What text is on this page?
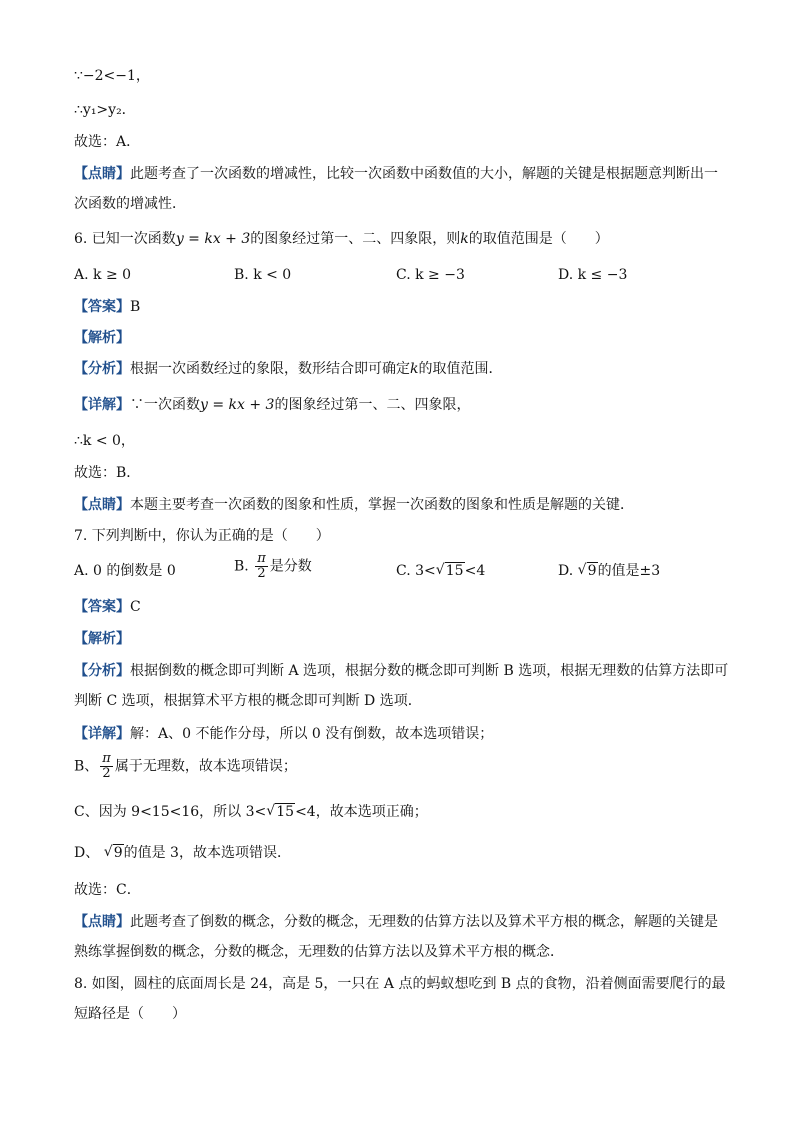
∵−2<−1，
∴y₁>y₂．
故选：A．
【点睛】此题考查了一次函数的增减性，比较一次函数中函数值的大小，解题的关键是根据题意判断出一
次函数的增减性．
6. 已知一次函数y = kx + 3的图象经过第一、二、四象限，则k的取值范围是（　　）
A. k ≥ 0	B. k < 0	C. k ≥ −3	D. k ≤ −3
【答案】B
【解析】
【分析】根据一次函数经过的象限，数形结合即可确定k的取值范围．
【详解】∵一次函数y = kx + 3的图象经过第一、二、四象限，
∴k < 0，
故选：B．
【点睛】本题主要考查一次函数的图象和性质，掌握一次函数的图象和性质是解题的关键．
7. 下列判断中，你认为正确的是（　　）
A. 0 的倒数是 0	B. $\frac{\pi}{2}$ 是分数	C. 3< √ 15<4	D. √ 9的值是±3
【答案】C
【解析】
【分析】根据倒数的概念即可判断 A 选项，根据分数的概念即可判断 B 选项，根据无理数的估算方法即可
判断 C 选项，根据算术平方根的概念即可判断 D 选项．
【详解】解：A、0 不能作分母，所以 0 没有倒数，故本选项错误；
B、 $\frac{\pi}{2}$ 属于无理数，故本选项错误；
C、因为 9<15<16，所以 3< √ 15<4，故本选项正确；
D、 √ 9的值是 3，故本选项错误．
故选：C．
【点睛】此题考查了倒数的概念，分数的概念，无理数的估算方法以及算术平方根的概念，解题的关键是
熟练掌握倒数的概念，分数的概念，无理数的估算方法以及算术平方根的概念．
8. 如图，圆柱的底面周长是 24，高是 5，一只在 A 点的蚂蚁想吃到 B 点的食物，沿着侧面需要爬行的最
短路径是（　　）
